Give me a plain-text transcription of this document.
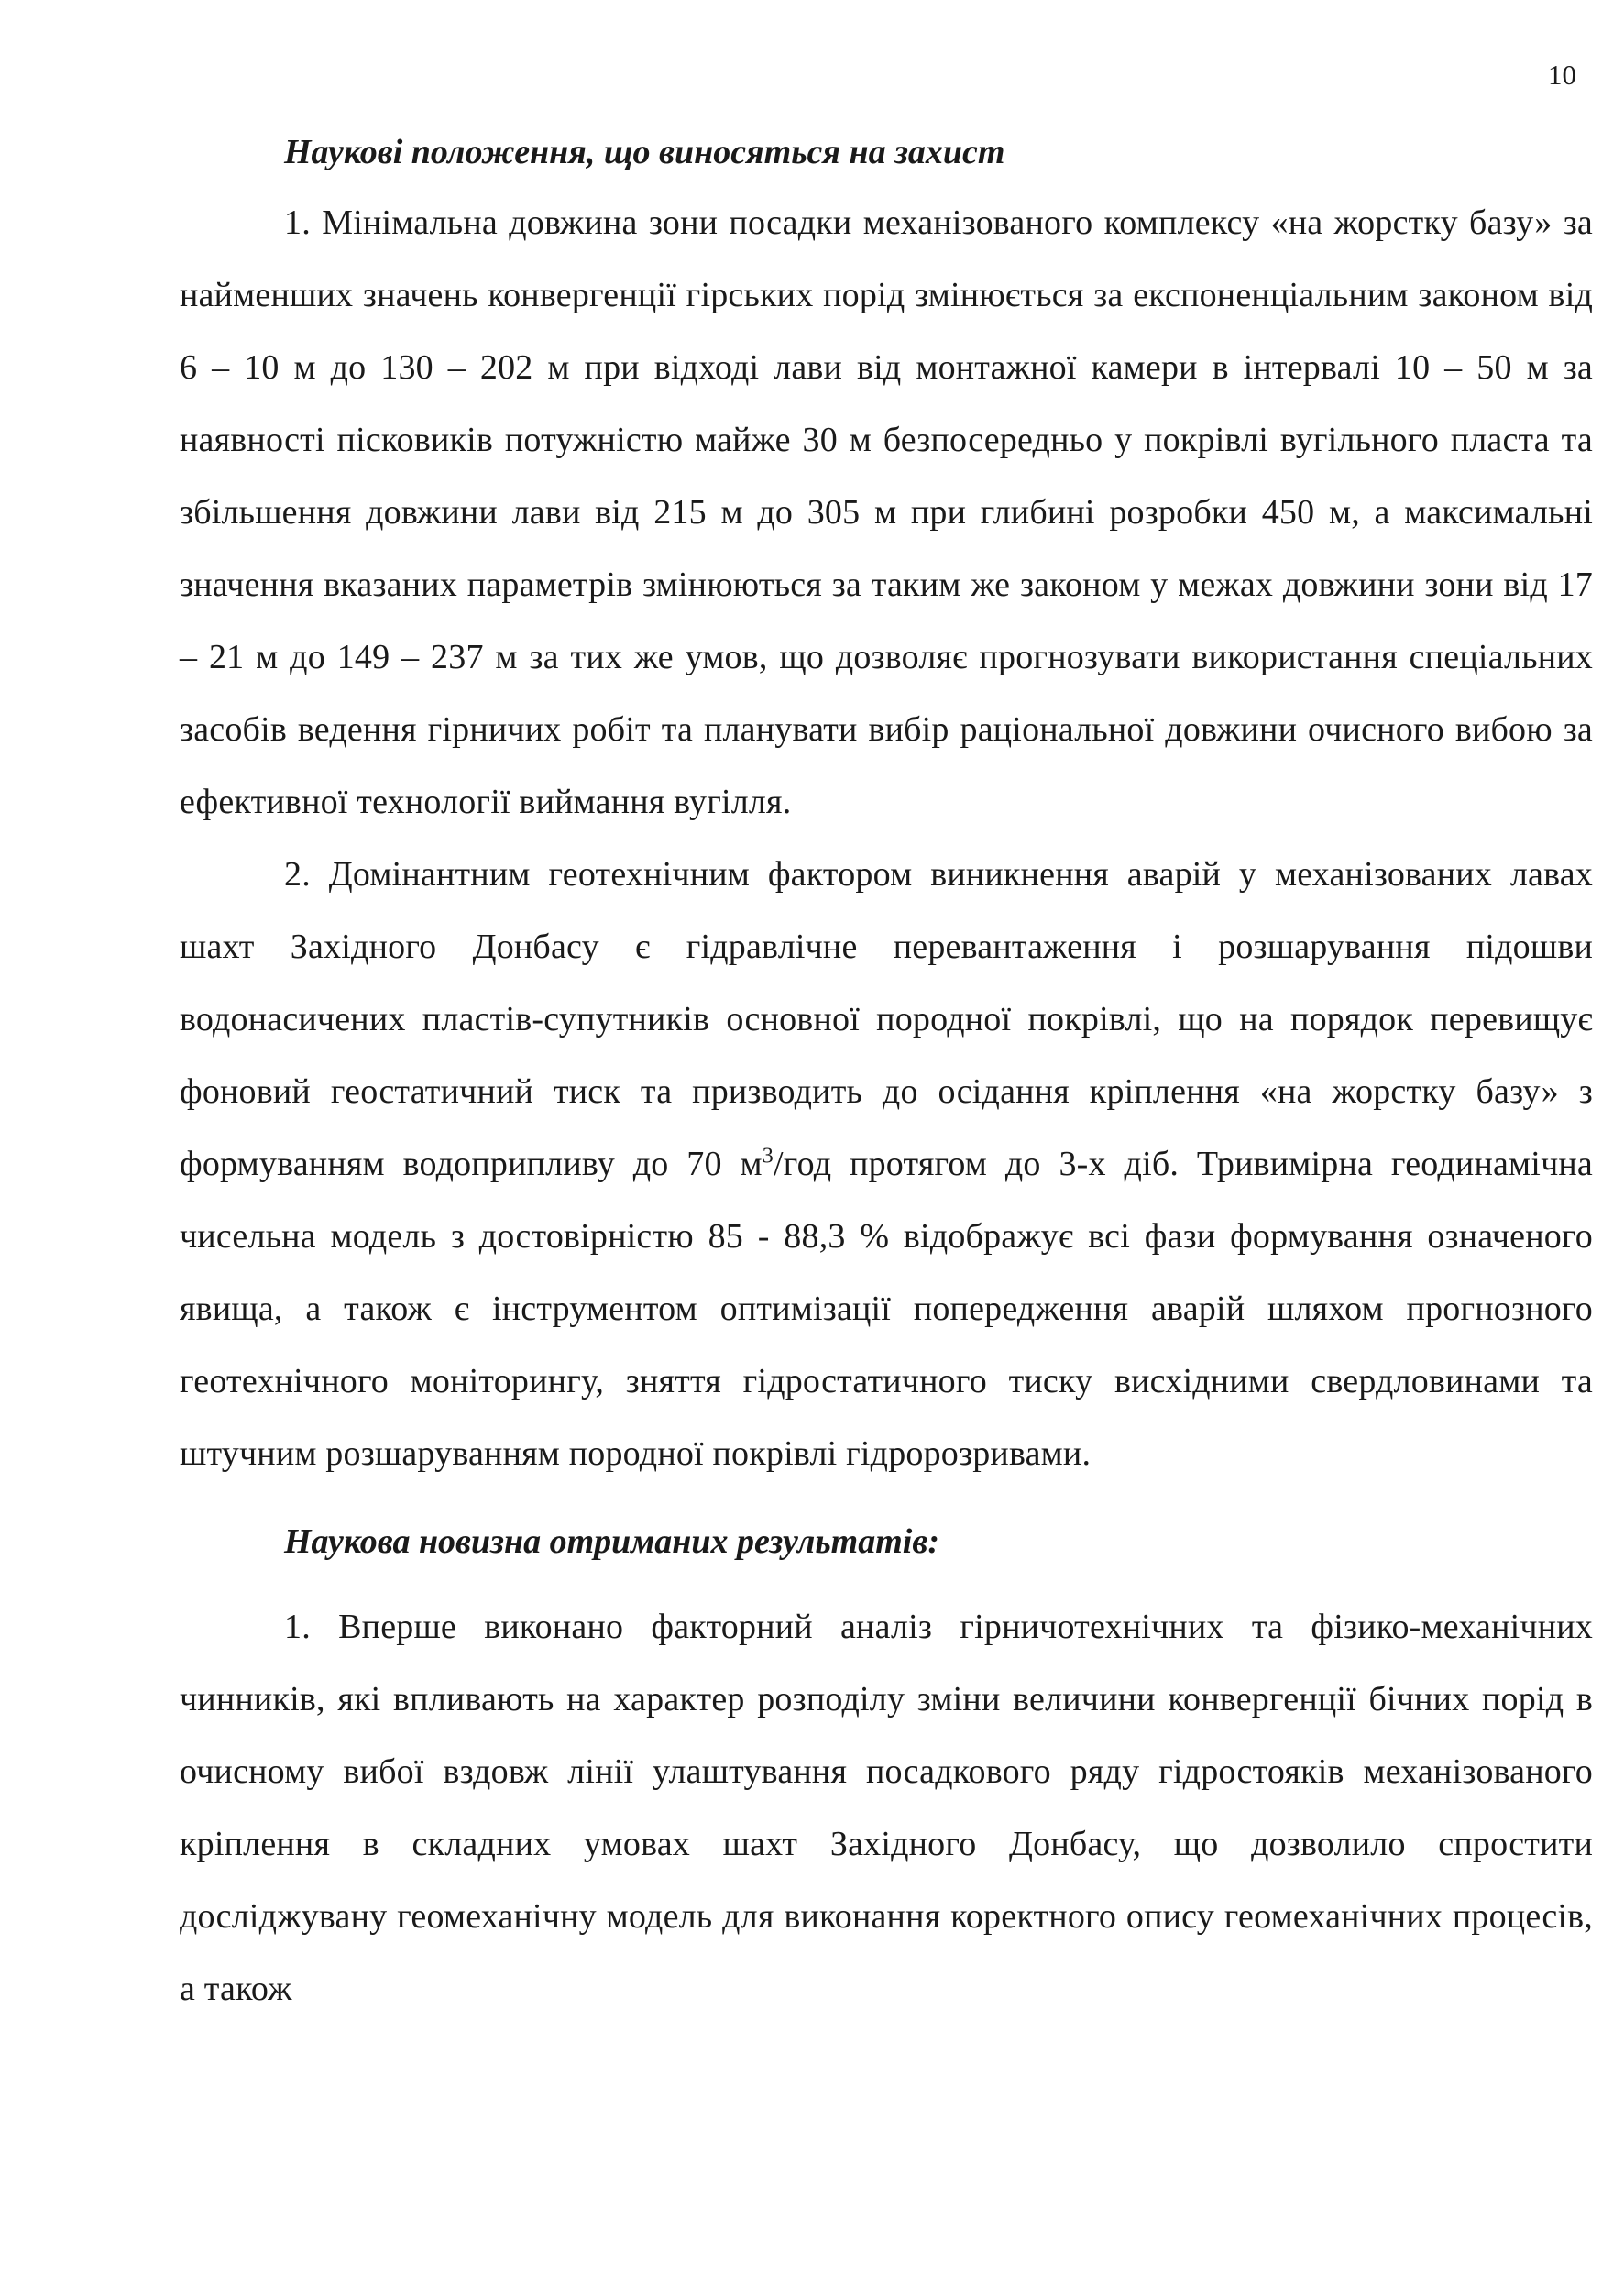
10

Наукові положення, що виносяться на захист

1. Мінімальна довжина зони посадки механізованого комплексу «на жорстку базу» за найменших значень конвергенції гірських порід змінюється за експоненціальним законом від 6 – 10 м до 130 – 202 м при відході лави від монтажної камери в інтервалі 10 – 50 м за наявності пісковиків потужністю майже 30 м безпосередньо у покрівлі вугільного пласта та збільшення довжини лави від 215 м до 305 м при глибині розробки 450 м, а максимальні значення вказаних параметрів змінюються за таким же законом у межах довжини зони від 17 – 21 м до 149 – 237 м за тих же умов, що дозволяє прогнозувати використання спеціальних засобів ведення гірничих робіт та планувати вибір раціональної довжини очисного вибою за ефективної технології виймання вугілля.

2. Домінантним геотехнічним фактором виникнення аварій у механізованих лавах шахт Західного Донбасу є гідравлічне перевантаження і розшарування підошви водонасичених пластів-супутників основної породної покрівлі, що на порядок перевищує фоновий геостатичний тиск та призводить до осідання кріплення «на жорстку базу» з формуванням водоприпливу до 70 $м^3$/год протягом до 3-х діб. Тривимірна геодинамічна чисельна модель з достовірністю 85 - 88,3 % відображує всі фази формування означеного явища, а також є інструментом оптимізації попередження аварій шляхом прогнозного геотехнічного моніторингу, зняття гідростатичного тиску висхідними свердловинами та штучним розшаруванням породної покрівлі гідророзривами.

Наукова новизна отриманих результатів:

1. Вперше виконано факторний аналіз гірничотехнічних та фізико-механічних чинників, які впливають на характер розподілу зміни величини конвергенції бічних порід в очисному вибої вздовж лінії улаштування посадкового ряду гідростояків механізованого кріплення в складних умовах шахт Західного Донбасу, що дозволило спростити досліджувану геомеханічну модель для виконання коректного опису геомеханічних процесів, а також
